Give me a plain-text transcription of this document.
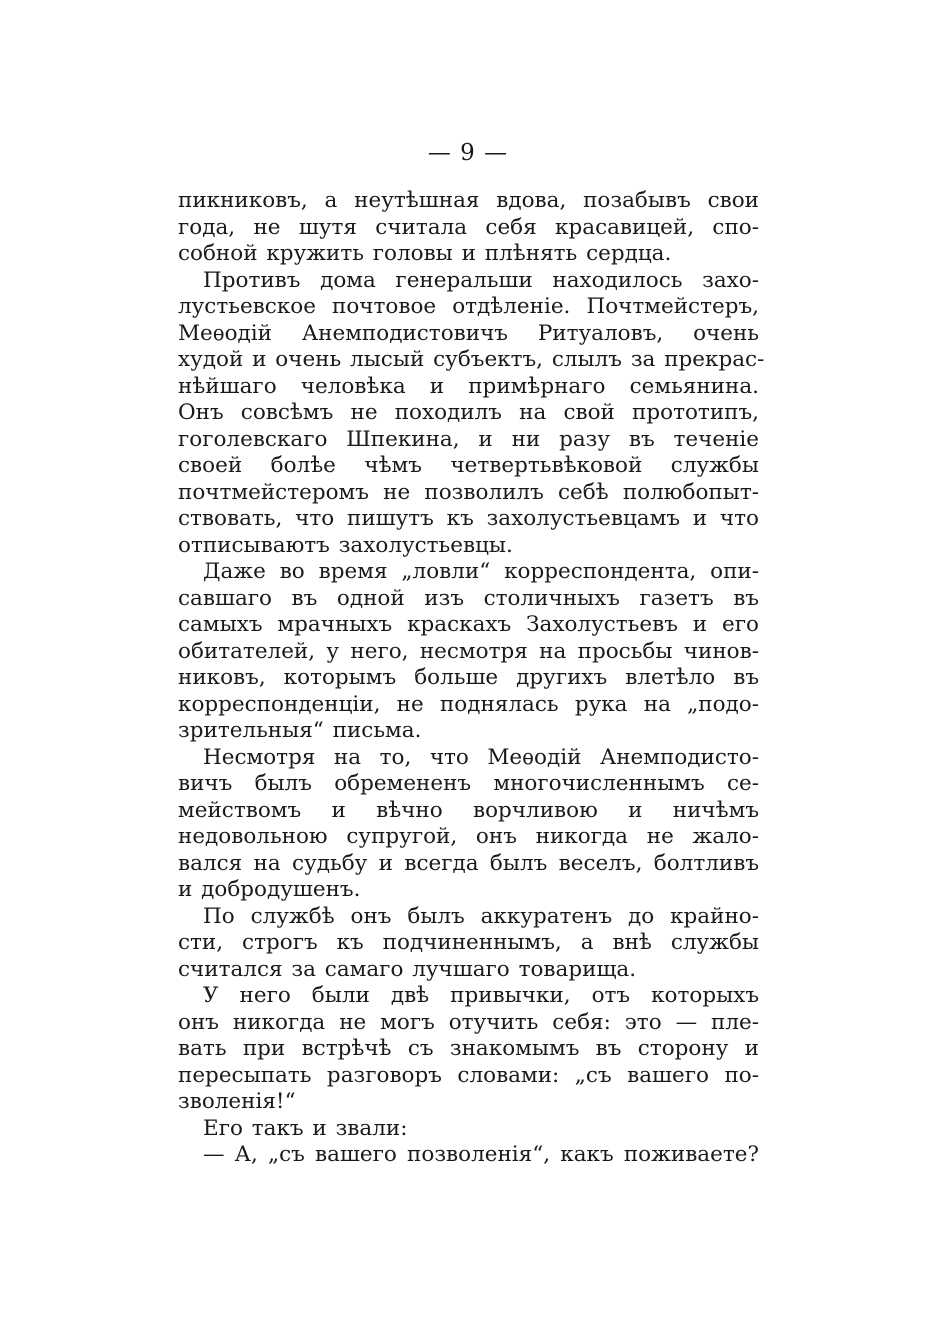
— 9 —
пикниковъ, а неутѣшная вдова, позабывъ свои
года, не шутя считала себя красавицей, спо-
собной кружить головы и плѣнять сердца.
Противъ дома генеральши находилось захо-
лустьевское почтовое отдѣленіе. Почтмейстеръ,
Меѳодій Анемподистовичъ Ритуаловъ, очень
худой и очень лысый субъектъ, слылъ за прекрас-
нѣйшаго человѣка и примѣрнаго семьянина.
Онъ совсѣмъ не походилъ на свой прототипъ,
гоголевскаго Шпекина, и ни разу въ теченіе
своей болѣе чѣмъ четвертьвѣковой службы
почтмейстеромъ не позволилъ себѣ полюбопыт-
ствовать, что пишутъ къ захолустьевцамъ и что
отписываютъ захолустьевцы.
Даже во время „ловли“ корреспондента, опи-
савшаго въ одной изъ столичныхъ газетъ въ
самыхъ мрачныхъ краскахъ Захолустьевъ и его
обитателей, у него, несмотря на просьбы чинов-
никовъ, которымъ больше другихъ влетѣло въ
корреспонденціи, не поднялась рука на „подо-
зрительныя“ письма.
Несмотря на то, что Меѳодій Анемподисто-
вичъ былъ обремененъ многочисленнымъ се-
мействомъ и вѣчно ворчливою и ничѣмъ
недовольною супругой, онъ никогда не жало-
вался на судьбу и всегда былъ веселъ, болтливъ
и добродушенъ.
По службѣ онъ былъ аккуратенъ до крайно-
сти, строгъ къ подчиненнымъ, а внѣ службы
считался за самаго лучшаго товарища.
У него были двѣ привычки, отъ которыхъ
онъ никогда не могъ отучить себя: это — пле-
вать при встрѣчѣ съ знакомымъ въ сторону и
пересыпать разговоръ словами: „съ вашего по-
зволенія!“
Его такъ и звали:
— А, „съ вашего позволенія“, какъ поживаете?
